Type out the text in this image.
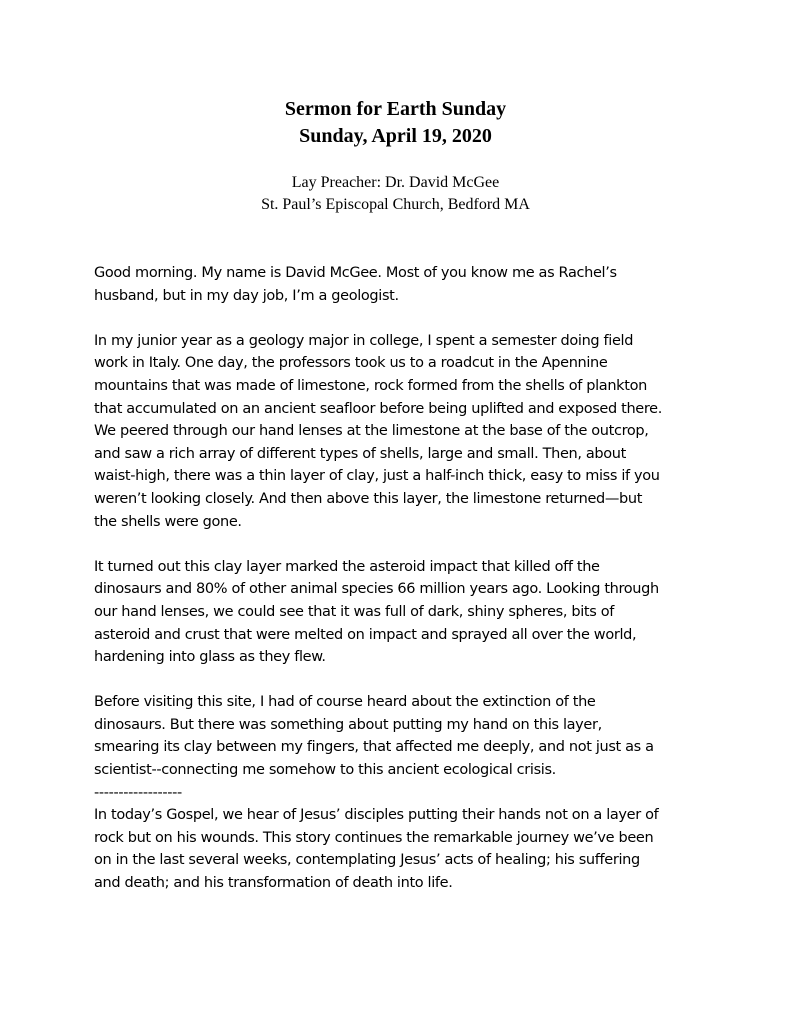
Sermon for Earth Sunday

Sunday, April 19, 2020

Lay Preacher: Dr. David McGee

St. Paul’s Episcopal Church, Bedford MA

Good morning. My name is David McGee. Most of you know me as Rachel’s
husband, but in my day job, I’m a geologist.

In my junior year as a geology major in college, I spent a semester doing field
work in Italy. One day, the professors took us to a roadcut in the Apennine
mountains that was made of limestone, rock formed from the shells of plankton
that accumulated on an ancient seafloor before being uplifted and exposed there.
We peered through our hand lenses at the limestone at the base of the outcrop,
and saw a rich array of different types of shells, large and small. Then, about
waist-high, there was a thin layer of clay, just a half-inch thick, easy to miss if you
weren’t looking closely. And then above this layer, the limestone returned—but
the shells were gone.

It turned out this clay layer marked the asteroid impact that killed off the
dinosaurs and 80% of other animal species 66 million years ago. Looking through
our hand lenses, we could see that it was full of dark, shiny spheres, bits of
asteroid and crust that were melted on impact and sprayed all over the world,
hardening into glass as they flew.

Before visiting this site, I had of course heard about the extinction of the
dinosaurs. But there was something about putting my hand on this layer,
smearing its clay between my fingers, that affected me deeply, and not just as a
scientist--connecting me somehow to this ancient ecological crisis.
------------------
In today’s Gospel, we hear of Jesus’ disciples putting their hands not on a layer of
rock but on his wounds. This story continues the remarkable journey we’ve been
on in the last several weeks, contemplating Jesus’ acts of healing; his suffering
and death; and his transformation of death into life.
